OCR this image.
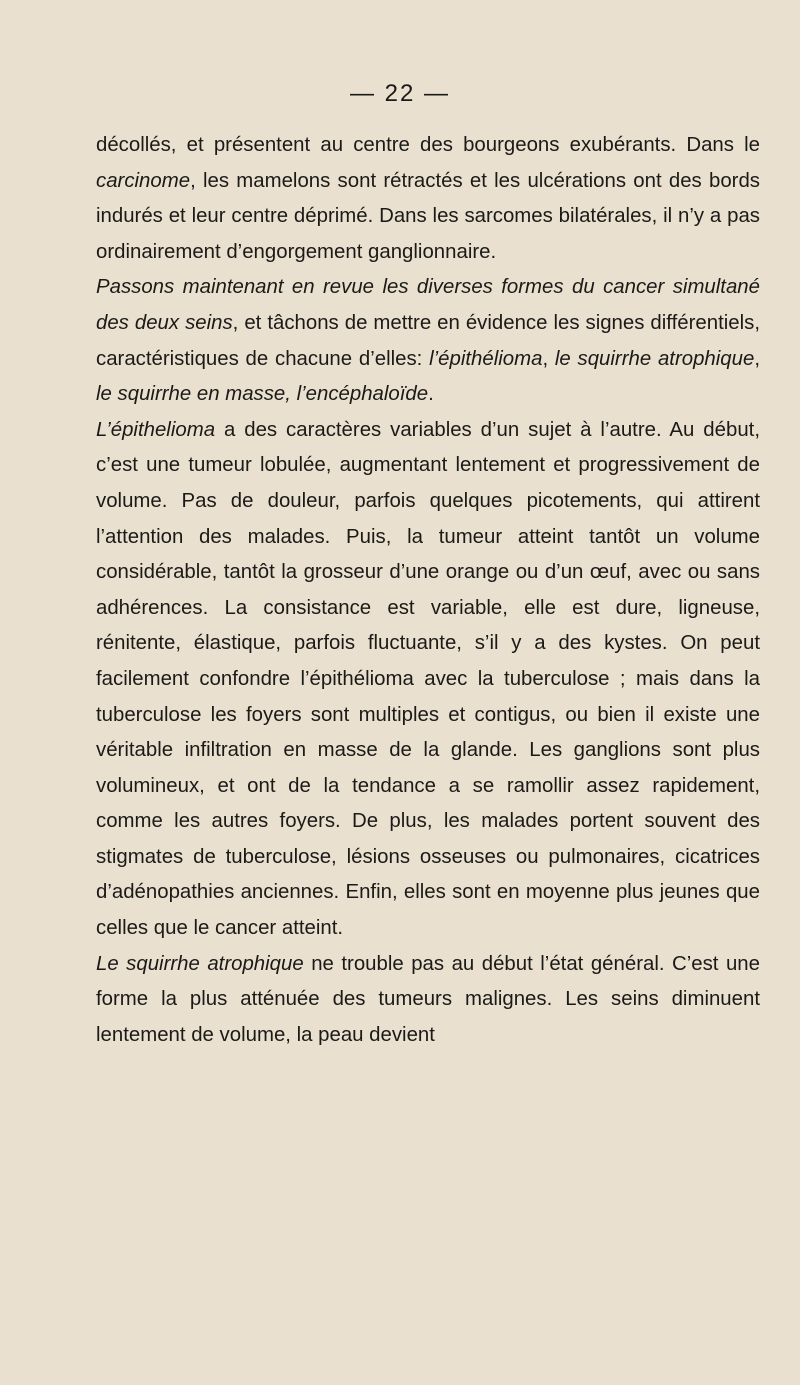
— 22 —

décollés, et présentent au centre des bourgeons exubérants. Dans le carcinome, les mamelons sont rétractés et les ulcérations ont des bords indurés et leur centre déprimé. Dans les sarcomes bilatérales, il n’y a pas ordinairement d’engorgement ganglionnaire.

Passons maintenant en revue les diverses formes du cancer simultané des deux seins, et tâchons de mettre en évidence les signes différentiels, caractéristiques de chacune d’elles: l’épithélioma, le squirrhe atrophique, le squirrhe en masse, l’encéphaloïde.

L’épithelioma a des caractères variables d’un sujet à l’autre. Au début, c’est une tumeur lobulée, augmentant lentement et progressivement de volume. Pas de douleur, parfois quelques picotements, qui attirent l’attention des malades. Puis, la tumeur atteint tantôt un volume considérable, tantôt la grosseur d’une orange ou d’un œuf, avec ou sans adhérences. La consistance est variable, elle est dure, ligneuse, rénitente, élastique, parfois fluctuante, s’il y a des kystes. On peut facilement confondre l’épithélioma avec la tuberculose ; mais dans la tuberculose les foyers sont multiples et contigus, ou bien il existe une véritable infiltration en masse de la glande. Les ganglions sont plus volumineux, et ont de la tendance a se ramollir assez rapidement, comme les autres foyers. De plus, les malades portent souvent des stigmates de tuberculose, lésions osseuses ou pulmonaires, cicatrices d’adénopathies anciennes. Enfin, elles sont en moyenne plus jeunes que celles que le cancer atteint.

Le squirrhe atrophique ne trouble pas au début l’état général. C’est une forme la plus atténuée des tumeurs malignes. Les seins diminuent lentement de volume, la peau devient
